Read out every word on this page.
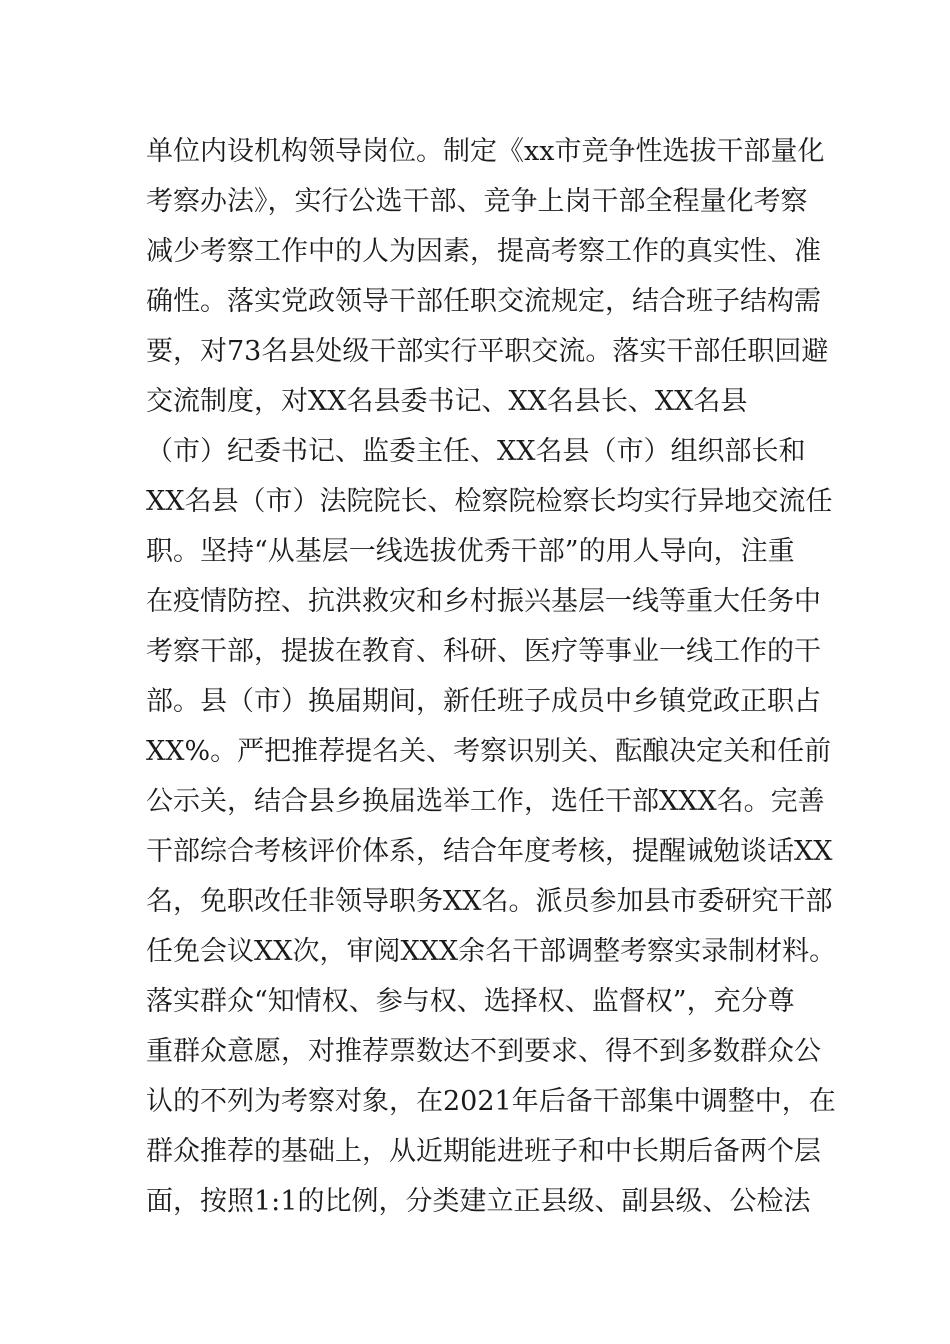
单位内设机构领导岗位。制定《xx市竞争性选拔干部量化
考察办法》，实行公选干部、竞争上岗干部全程量化考察
减少考察工作中的人为因素，提高考察工作的真实性、准
确性。落实党政领导干部任职交流规定，结合班子结构需
要，对73名县处级干部实行平职交流。落实干部任职回避
交流制度，对XX名县委书记、XX名县长、XX名县
（市）纪委书记、监委主任、XX名县（市）组织部长和
XX名县（市）法院院长、检察院检察长均实行异地交流任
职。坚持“从基层一线选拔优秀干部”的用人导向，注重
在疫情防控、抗洪救灾和乡村振兴基层一线等重大任务中
考察干部，提拔在教育、科研、医疗等事业一线工作的干
部。县（市）换届期间，新任班子成员中乡镇党政正职占
XX%。严把推荐提名关、考察识别关、酝酿决定关和任前
公示关，结合县乡换届选举工作，选任干部XXX名。完善
干部综合考核评价体系，结合年度考核，提醒诫勉谈话XX
名，免职改任非领导职务XX名。派员参加县市委研究干部
任免会议XX次，审阅XXX余名干部调整考察实录制材料。
落实群众“知情权、参与权、选择权、监督权”，充分尊
重群众意愿，对推荐票数达不到要求、得不到多数群众公
认的不列为考察对象，在2021年后备干部集中调整中，在
群众推荐的基础上，从近期能进班子和中长期后备两个层
面，按照1:1的比例，分类建立正县级、副县级、公检法
